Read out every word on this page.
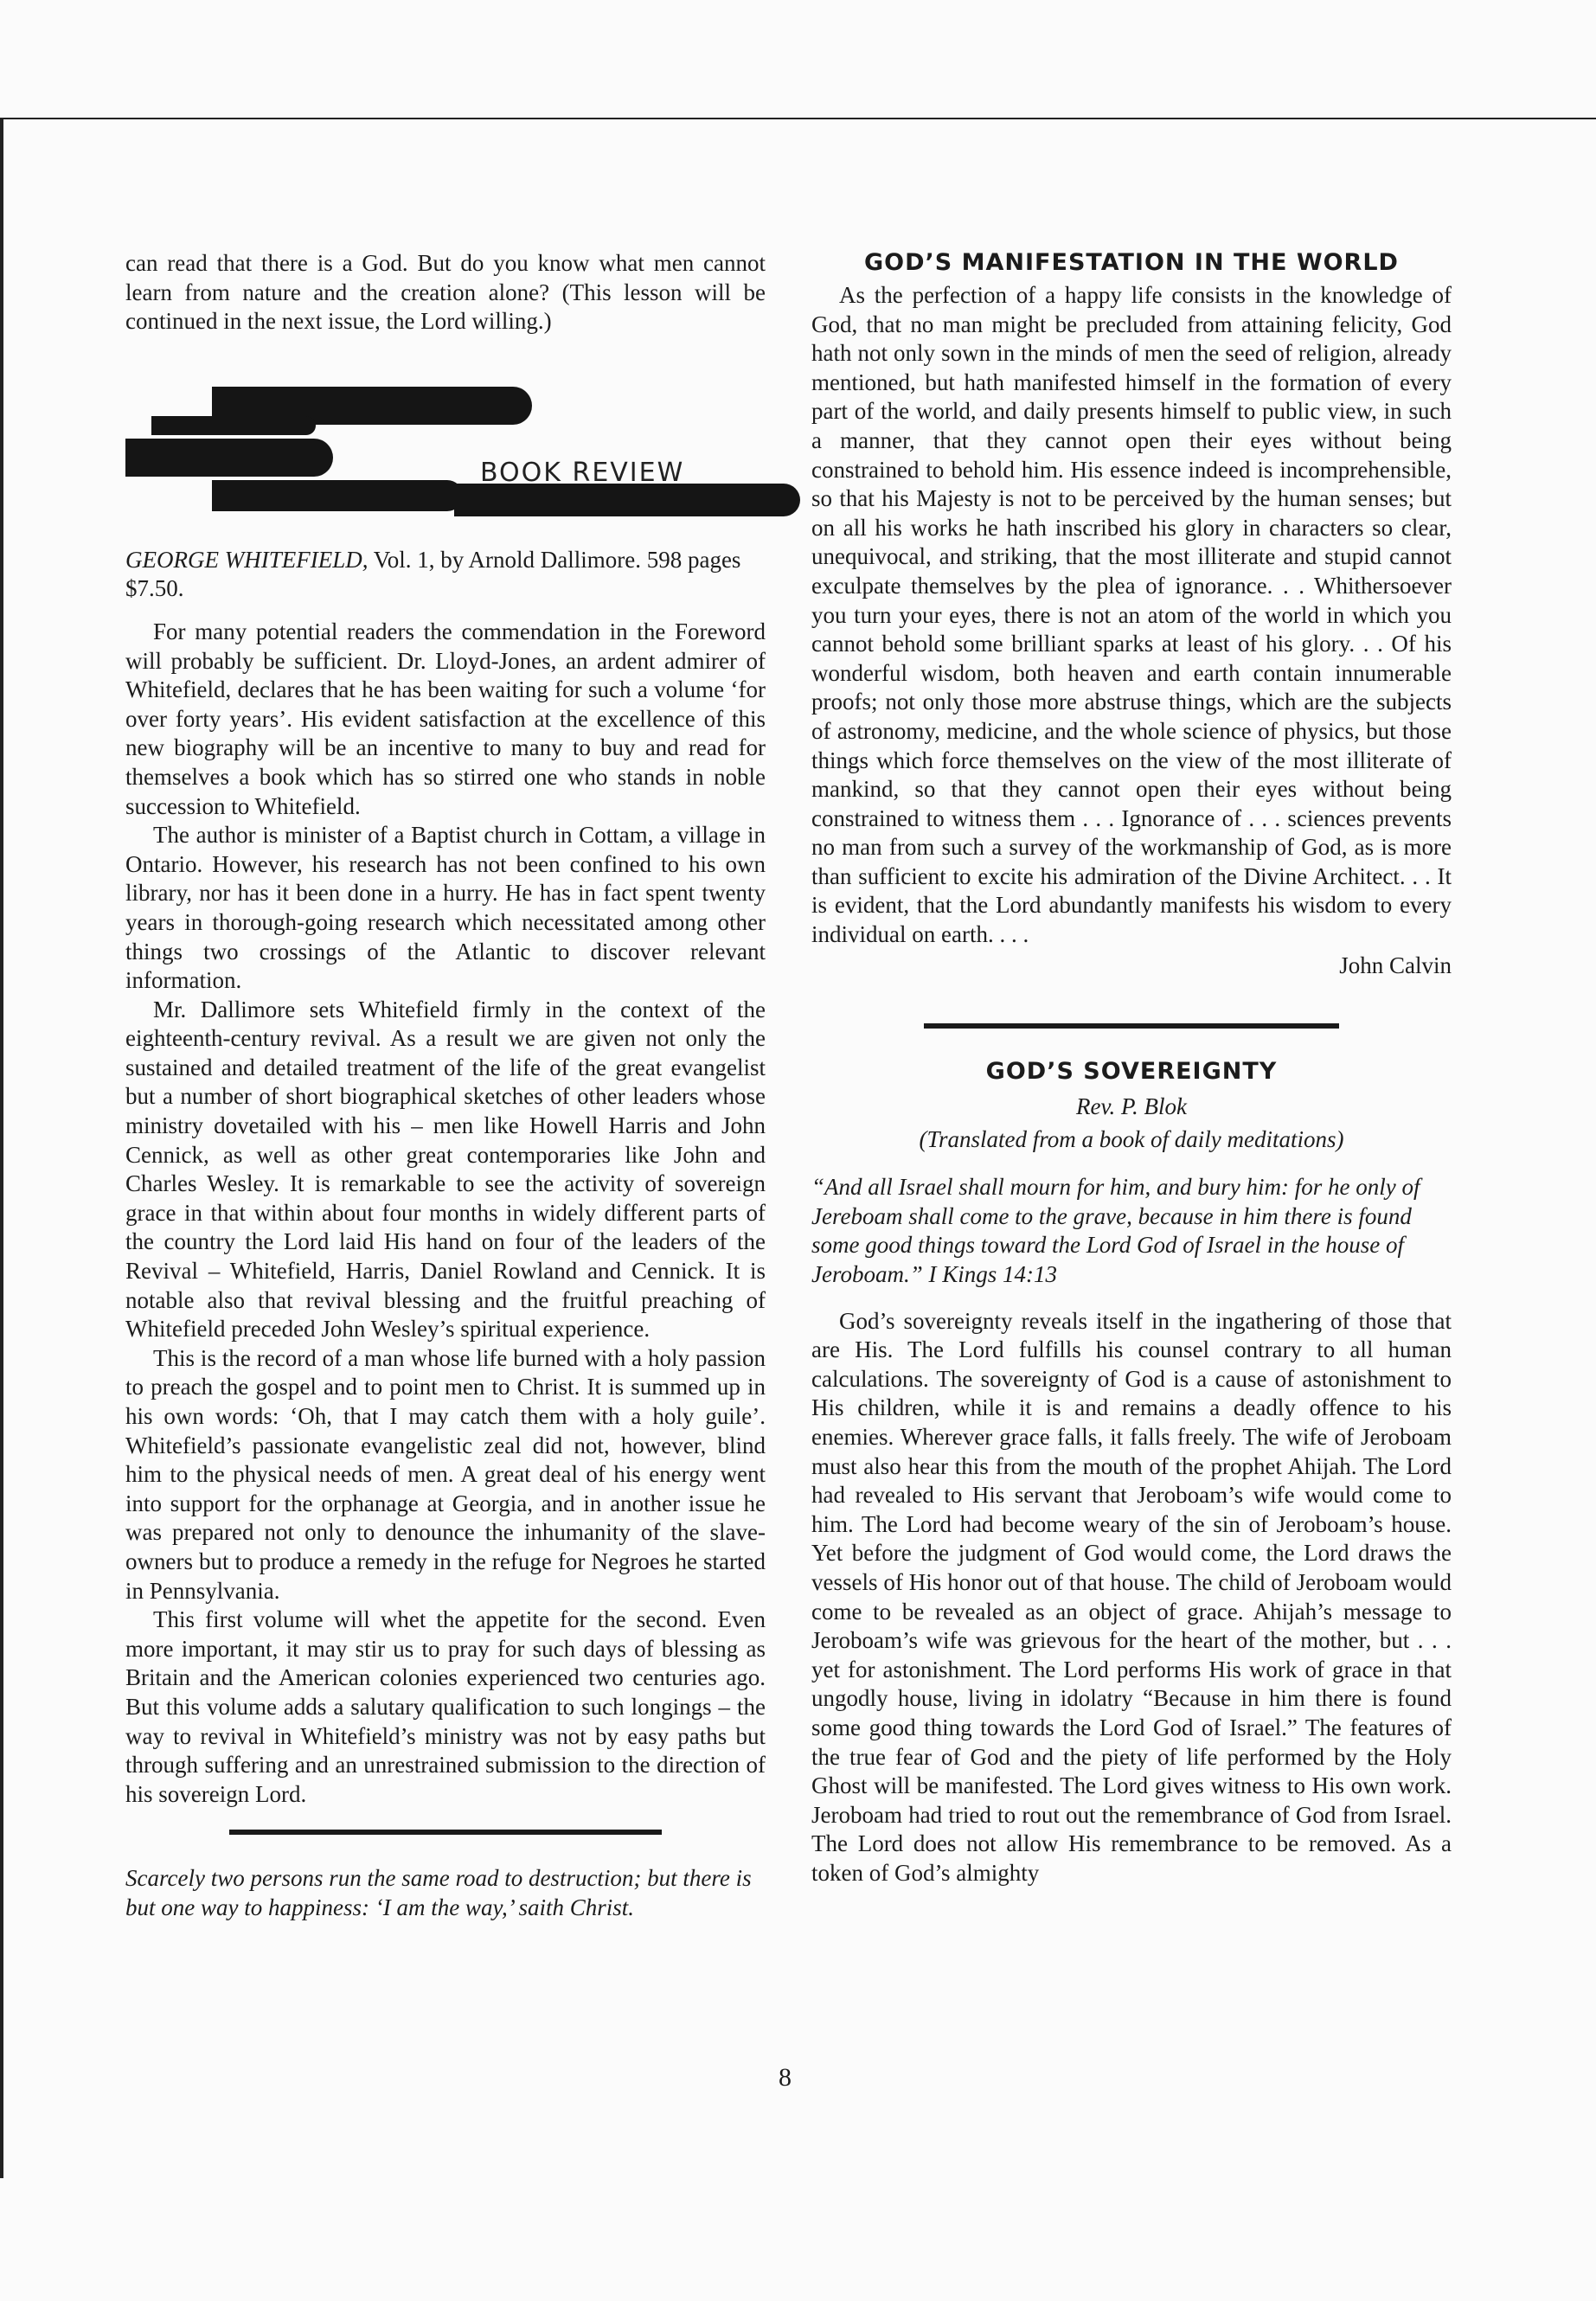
can read that there is a God. But do you know what men cannot learn from nature and the creation alone? (This lesson will be continued in the next issue, the Lord willing.)

BOOK REVIEW

GEORGE WHITEFIELD, Vol. 1, by Arnold Dallimore. 598 pages $7.50.

For many potential readers the commendation in the Foreword will probably be sufficient. Dr. Lloyd-Jones, an ardent admirer of Whitefield, declares that he has been waiting for such a volume ‘for over forty years’. His evident satisfaction at the excellence of this new biography will be an incentive to many to buy and read for themselves a book which has so stirred one who stands in noble succession to Whitefield.

The author is minister of a Baptist church in Cottam, a village in Ontario. However, his research has not been confined to his own library, nor has it been done in a hurry. He has in fact spent twenty years in thorough-going research which necessitated among other things two crossings of the Atlantic to discover relevant information.

Mr. Dallimore sets Whitefield firmly in the context of the eighteenth-century revival. As a result we are given not only the sustained and detailed treatment of the life of the great evangelist but a number of short biographical sketches of other leaders whose ministry dovetailed with his – men like Howell Harris and John Cennick, as well as other great contemporaries like John and Charles Wesley. It is remarkable to see the activity of sovereign grace in that within about four months in widely different parts of the country the Lord laid His hand on four of the leaders of the Revival – Whitefield, Harris, Daniel Rowland and Cennick. It is notable also that revival blessing and the fruitful preaching of Whitefield preceded John Wesley’s spiritual experience.

This is the record of a man whose life burned with a holy passion to preach the gospel and to point men to Christ. It is summed up in his own words: ‘Oh, that I may catch them with a holy guile’. Whitefield’s passionate evangelistic zeal did not, however, blind him to the physical needs of men. A great deal of his energy went into support for the orphanage at Georgia, and in another issue he was prepared not only to denounce the inhumanity of the slave-owners but to produce a remedy in the refuge for Negroes he started in Pennsylvania.

This first volume will whet the appetite for the second. Even more important, it may stir us to pray for such days of blessing as Britain and the American colonies experienced two centuries ago. But this volume adds a salutary qualification to such longings – the way to revival in Whitefield’s ministry was not by easy paths but through suffering and an unrestrained submission to the direction of his sovereign Lord.

Scarcely two persons run the same road to destruction; but there is but one way to happiness: ‘I am the way,’ saith Christ.

GOD’S MANIFESTATION IN THE WORLD

As the perfection of a happy life consists in the knowledge of God, that no man might be precluded from attaining felicity, God hath not only sown in the minds of men the seed of religion, already mentioned, but hath manifested himself in the formation of every part of the world, and daily presents himself to public view, in such a manner, that they cannot open their eyes without being constrained to behold him. His essence indeed is incomprehensible, so that his Majesty is not to be perceived by the human senses; but on all his works he hath inscribed his glory in characters so clear, unequivocal, and striking, that the most illiterate and stupid cannot exculpate themselves by the plea of ignorance. . . Whithersoever you turn your eyes, there is not an atom of the world in which you cannot behold some brilliant sparks at least of his glory. . . Of his wonderful wisdom, both heaven and earth contain innumerable proofs; not only those more abstruse things, which are the subjects of astronomy, medicine, and the whole science of physics, but those things which force themselves on the view of the most illiterate of mankind, so that they cannot open their eyes without being constrained to witness them . . . Ignorance of . . . sciences prevents no man from such a survey of the workmanship of God, as is more than sufficient to excite his admiration of the Divine Architect. . . It is evident, that the Lord abundantly manifests his wisdom to every individual on earth. . . .

John Calvin
GOD’S SOVEREIGNTY

Rev. P. Blok

(Translated from a book of daily meditations)

“And all Israel shall mourn for him, and bury him: for he only of Jereboam shall come to the grave, because in him there is found some good things toward the Lord God of Israel in the house of Jeroboam.” I Kings 14:13

God’s sovereignty reveals itself in the ingathering of those that are His. The Lord fulfills his counsel contrary to all human calculations. The sovereignty of God is a cause of astonishment to His children, while it is and remains a deadly offence to his enemies. Wherever grace falls, it falls freely. The wife of Jeroboam must also hear this from the mouth of the prophet Ahijah. The Lord had revealed to His servant that Jeroboam’s wife would come to him. The Lord had become weary of the sin of Jeroboam’s house. Yet before the judgment of God would come, the Lord draws the vessels of His honor out of that house. The child of Jeroboam would come to be revealed as an object of grace. Ahijah’s message to Jeroboam’s wife was grievous for the heart of the mother, but . . . yet for astonishment. The Lord performs His work of grace in that ungodly house, living in idolatry “Because in him there is found some good thing towards the Lord God of Israel.” The features of the true fear of God and the piety of life performed by the Holy Ghost will be manifested. The Lord gives witness to His own work. Jeroboam had tried to rout out the remembrance of God from Israel. The Lord does not allow His remembrance to be removed. As a token of God’s almighty

8
